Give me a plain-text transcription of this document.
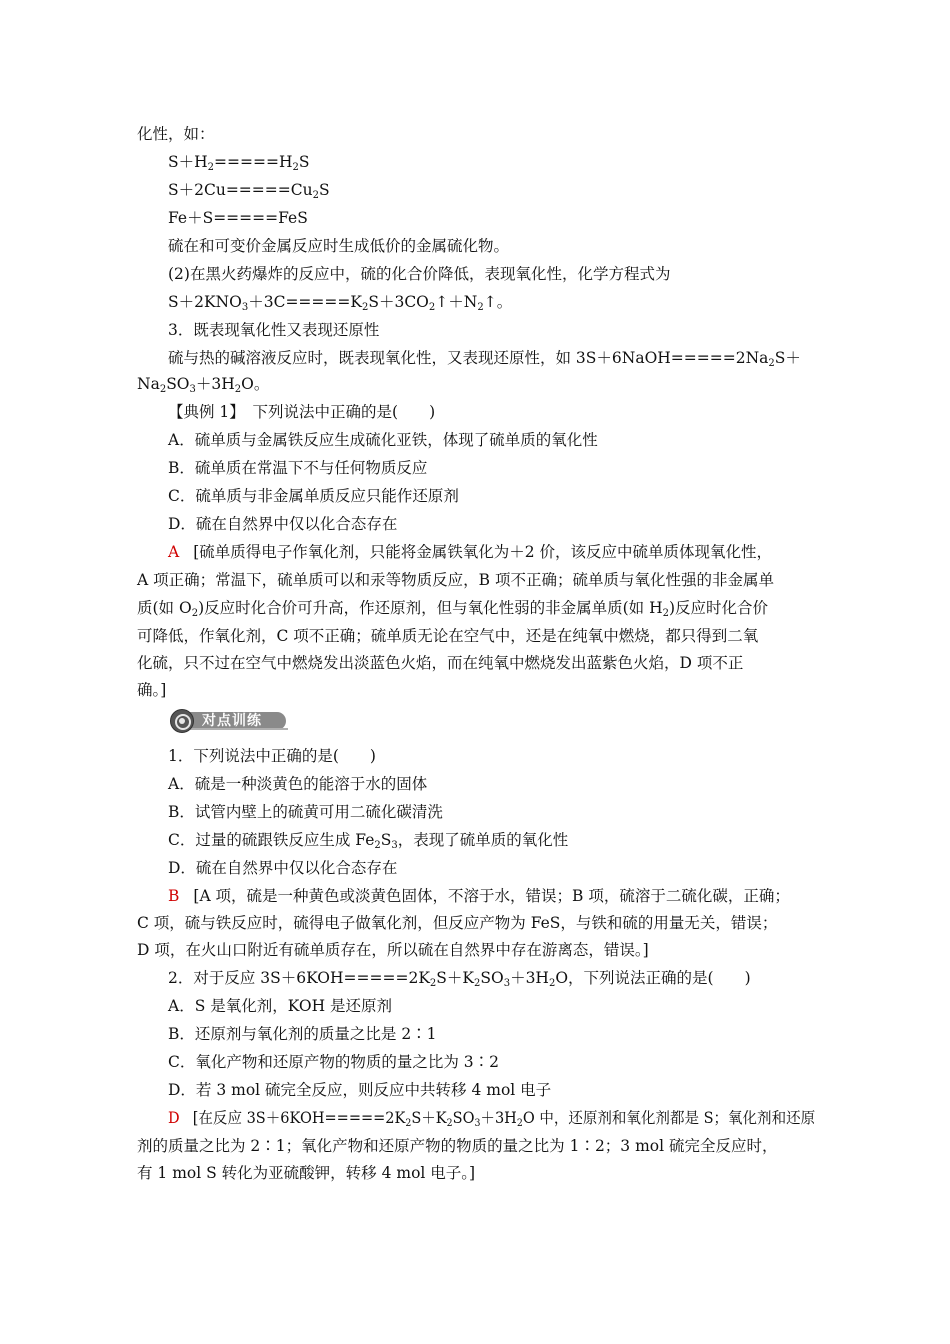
化性，如：
$S+H_2=====H_2S$
$S+2Cu=====Cu_2S$
Fe＋S=====FeS
硫在和可变价金属反应时生成低价的金属硫化物。
(2)在黑火药爆炸的反应中，硫的化合价降低，表现氧化性，化学方程式为
$S+2KNO_3+3C=====K_2S+3CO_2↑+N_2↑$。
3．既表现氧化性又表现还原性
硫与热的碱溶液反应时，既表现氧化性，又表现还原性，如 $3S+6NaOH=====2Na_2S+$
$Na_2SO_3+3H_2O$。
【典例 1】　下列说法中正确的是(　　)
A．硫单质与金属铁反应生成硫化亚铁，体现了硫单质的氧化性
B．硫单质在常温下不与任何物质反应
C．硫单质与非金属单质反应只能作还原剂
D．硫在自然界中仅以化合态存在
A [硫单质得电子作氧化剂，只能将金属铁氧化为＋2 价，该反应中硫单质体现氧化性，
A 项正确；常温下，硫单质可以和汞等物质反应，B 项不正确；硫单质与氧化性强的非金属单
质(如 $O_2$)反应时化合价可升高，作还原剂，但与氧化性弱的非金属单质(如 $H_2$)反应时化合价
可降低，作氧化剂，C 项不正确；硫单质无论在空气中，还是在纯氧中燃烧，都只得到二氧
化硫，只不过在空气中燃烧发出淡蓝色火焰，而在纯氧中燃烧发出蓝紫色火焰，D 项不正
确。]
对点训练
1．下列说法中正确的是(　　)
A．硫是一种淡黄色的能溶于水的固体
B．试管内壁上的硫黄可用二硫化碳清洗
C．过量的硫跟铁反应生成 $Fe_2S_3$，表现了硫单质的氧化性
D．硫在自然界中仅以化合态存在
B [A 项，硫是一种黄色或淡黄色固体，不溶于水，错误；B 项，硫溶于二硫化碳，正确；
C 项，硫与铁反应时，硫得电子做氧化剂，但反应产物为 FeS，与铁和硫的用量无关，错误；
D 项，在火山口附近有硫单质存在，所以硫在自然界中存在游离态，错误。]
2．对于反应 $3S+6KOH=====2K_2S+K_2SO_3+3H_2O$，下列说法正确的是(　　)
A．S 是氧化剂，KOH 是还原剂
B．还原剂与氧化剂的质量之比是 2∶1
C．氧化产物和还原产物的物质的量之比为 3∶2
D．若 3 mol 硫完全反应，则反应中共转移 4 mol 电子
D [在反应 $3S+6KOH=====2K_2S+K_2SO_3+3H_2O$ 中，还原剂和氧化剂都是 S；氧化剂和还原
剂的质量之比为 2∶1；氧化产物和还原产物的物质的量之比为 1∶2；3 mol 硫完全反应时，
有 1 mol S 转化为亚硫酸钾，转移 4 mol 电子。]
